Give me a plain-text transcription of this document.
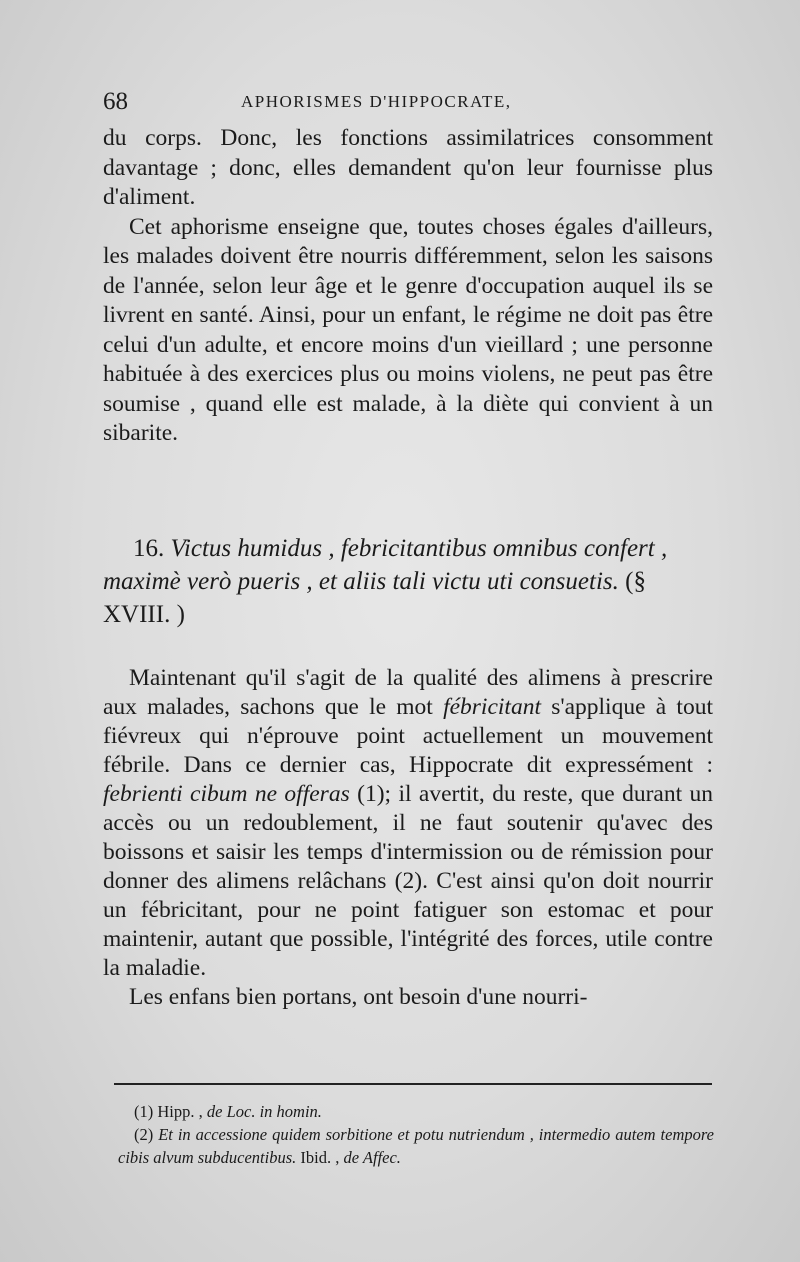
68	APHORISMES D'HIPPOCRATE,

du corps. Donc, les fonctions assimilatrices consomment davantage ; donc, elles demandent qu'on leur fournisse plus d'aliment.

Cet aphorisme enseigne que, toutes choses égales d'ailleurs, les malades doivent être nourris différemment, selon les saisons de l'année, selon leur âge et le genre d'occupation auquel ils se livrent en santé. Ainsi, pour un enfant, le régime ne doit pas être celui d'un adulte, et encore moins d'un vieillard ; une personne habituée à des exercices plus ou moins violens, ne peut pas être soumise , quand elle est malade, à la diète qui convient à un sibarite.

16. Victus humidus , febricitantibus omnibus confert , maximè verò pueris , et aliis tali victu uti consuetis. (§ XVIII. )

Maintenant qu'il s'agit de la qualité des alimens à prescrire aux malades, sachons que le mot fébricitant s'applique à tout fiévreux qui n'éprouve point actuellement un mouvement fébrile. Dans ce dernier cas, Hippocrate dit expressément : febrienti cibum ne offeras (1); il avertit, du reste, que durant un accès ou un redoublement, il ne faut soutenir qu'avec des boissons et saisir les temps d'intermission ou de rémission pour donner des alimens relâchans (2). C'est ainsi qu'on doit nourrir un fébricitant, pour ne point fatiguer son estomac et pour maintenir, autant que possible, l'intégrité des forces, utile contre la maladie.

Les enfans bien portans, ont besoin d'une nourri-

(1) Hipp. , de Loc. in homin.

(2) Et in accessione quidem sorbitione et potu nutriendum , intermedio autem tempore cibis alvum subducentibus. Ibid. , de Affec.
